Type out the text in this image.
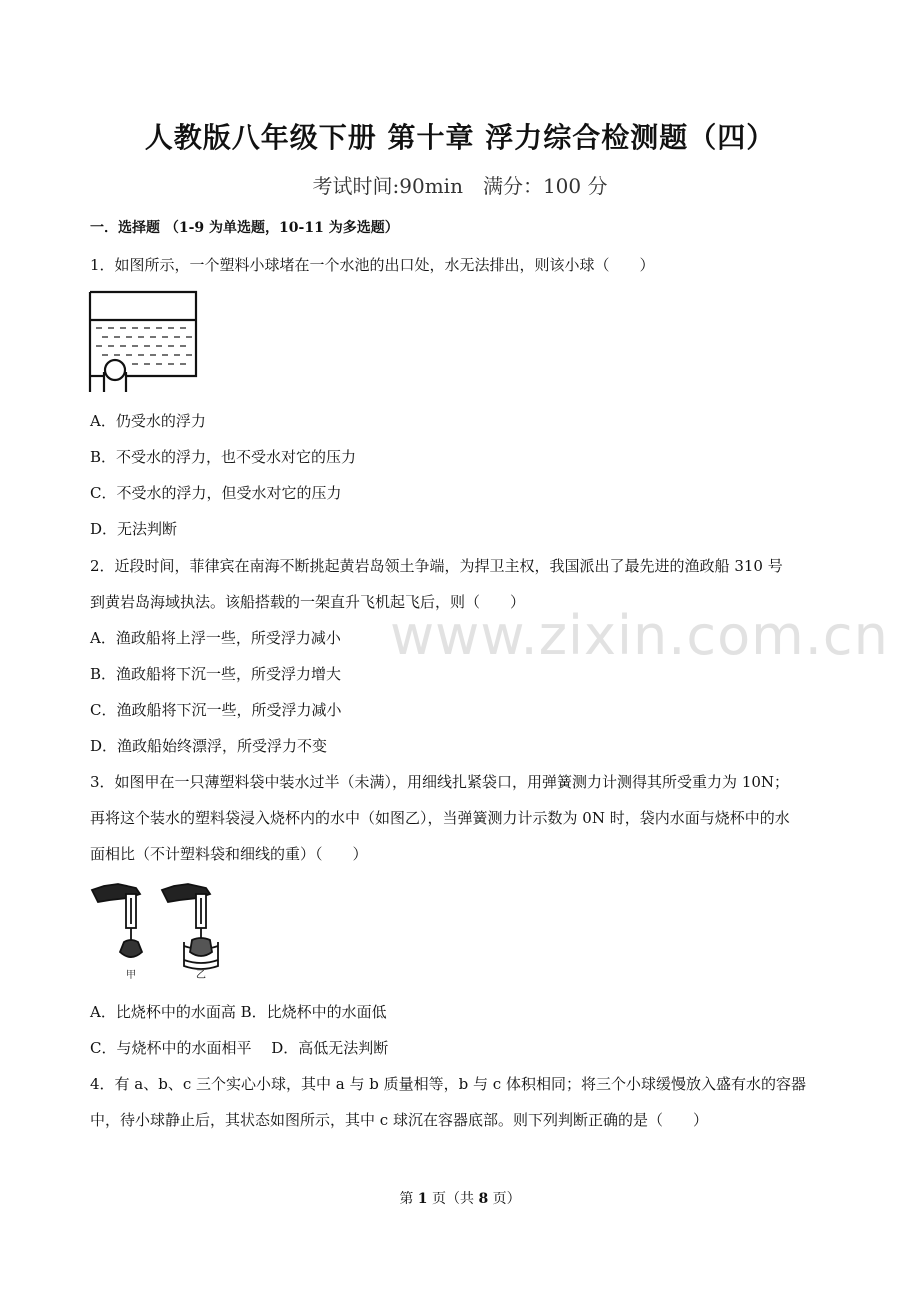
人教版八年级下册 第十章 浮力综合检测题（四）
考试时间:90min　满分：100 分
一．选择题 （1-9 为单选题，10-11 为多选题）
1．如图所示，一个塑料小球堵在一个水池的出口处，水无法排出，则该小球（　　）
A．仍受水的浮力
B．不受水的浮力，也不受水对它的压力
C．不受水的浮力，但受水对它的压力
D．无法判断
2．近段时间，菲律宾在南海不断挑起黄岩岛领土争端，为捍卫主权，我国派出了最先进的渔政船 310 号
到黄岩岛海域执法。该船搭载的一架直升飞机起飞后，则（　　）
A．渔政船将上浮一些，所受浮力减小
B．渔政船将下沉一些，所受浮力增大
C．渔政船将下沉一些，所受浮力减小
D．渔政船始终漂浮，所受浮力不变
3．如图甲在一只薄塑料袋中装水过半（未满），用细线扎紧袋口，用弹簧测力计测得其所受重力为 10N；
再将这个装水的塑料袋浸入烧杯内的水中（如图乙），当弹簧测力计示数为 0N 时，袋内水面与烧杯中的水
面相比（不计塑料袋和细线的重）（　　）
甲	乙
A．比烧杯中的水面高 B．比烧杯中的水面低
C．与烧杯中的水面相平　 D．高低无法判断
4．有 a、b、c 三个实心小球，其中 a 与 b 质量相等，b 与 c 体积相同；将三个小球缓慢放入盛有水的容器
中，待小球静止后，其状态如图所示，其中 c 球沉在容器底部。则下列判断正确的是（　　）
www.zixin.com.cn
第 1 页（共 8 页）
